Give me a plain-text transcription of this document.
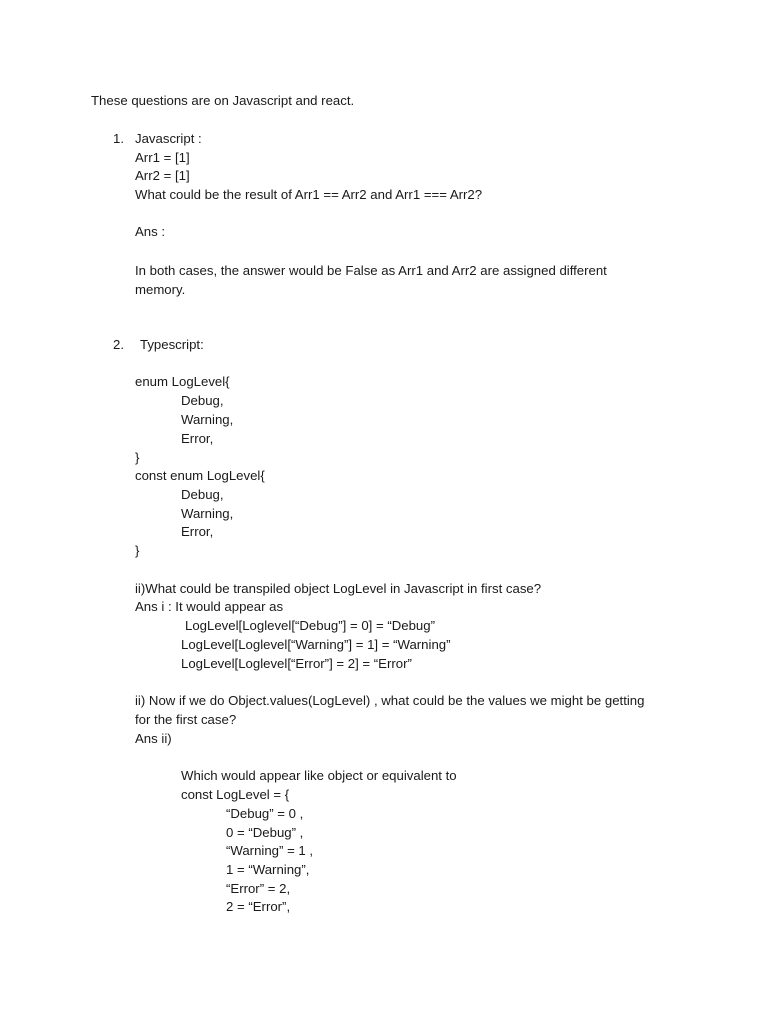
These questions are on Javascript and react.
1. Javascript :
Arr1 = [1]
Arr2 = [1]
What could be the result of Arr1 == Arr2 and Arr1 === Arr2?
Ans :
In both cases, the answer would be False as Arr1 and Arr2 are assigned different
memory.
2. Typescript:
enum LogLevel{
Debug,
Warning,
Error,
}
const enum LogLevel{
Debug,
Warning,
Error,
}
ii)What could be transpiled object LogLevel in Javascript in first case?
Ans i : It would appear as
LogLevel[Loglevel[“Debug”] = 0] = “Debug”
LogLevel[Loglevel[“Warning”] = 1] = “Warning”
LogLevel[Loglevel[“Error”] = 2] = “Error”
ii) Now if we do Object.values(LogLevel) , what could be the values we might be getting
for the first case?
Ans ii)
Which would appear like object or equivalent to
const LogLevel = {
“Debug” = 0 ,
0 = “Debug” ,
“Warning” = 1 ,
1 = “Warning”,
“Error” = 2,
2 = “Error”,
